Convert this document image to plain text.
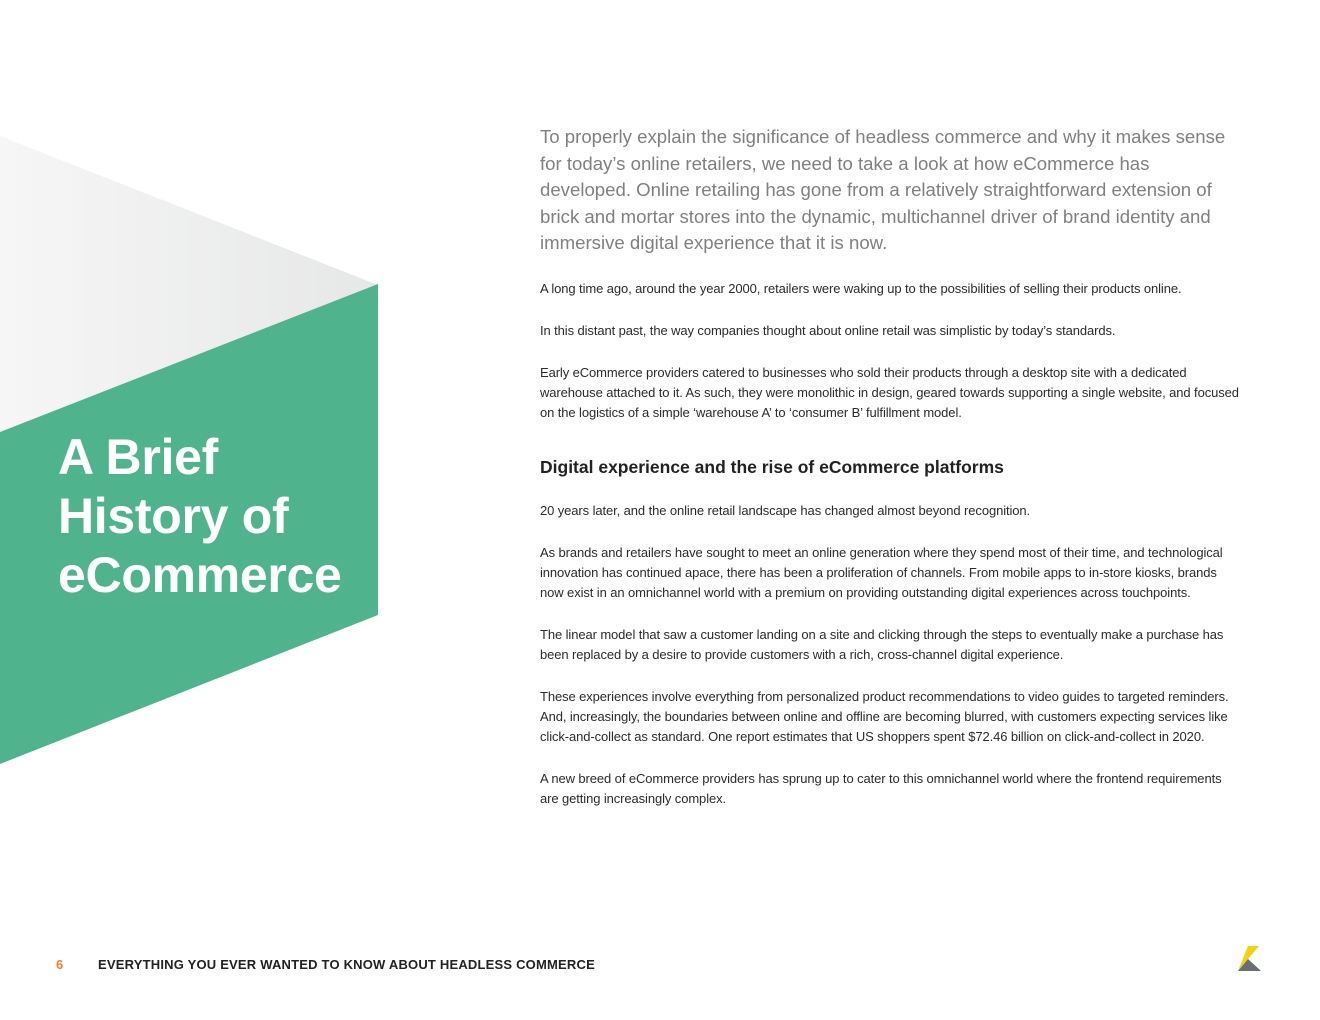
A Brief
History of
eCommerce

To properly explain the significance of headless commerce and why it makes sense for today’s online retailers, we need to take a look at how eCommerce has developed. Online retailing has gone from a relatively straightforward extension of brick and mortar stores into the dynamic, multichannel driver of brand identity and immersive digital experience that it is now.

A long time ago, around the year 2000, retailers were waking up to the possibilities of selling their products online.

In this distant past, the way companies thought about online retail was simplistic by today’s standards.

Early eCommerce providers catered to businesses who sold their products through a desktop site with a dedicated warehouse attached to it. As such, they were monolithic in design, geared towards supporting a single website, and focused on the logistics of a simple ‘warehouse A’ to ‘consumer B’ fulfillment model.

Digital experience and the rise of eCommerce platforms

20 years later, and the online retail landscape has changed almost beyond recognition.

As brands and retailers have sought to meet an online generation where they spend most of their time, and technological innovation has continued apace, there has been a proliferation of channels. From mobile apps to in-store kiosks, brands now exist in an omnichannel world with a premium on providing outstanding digital experiences across touchpoints.

The linear model that saw a customer landing on a site and clicking through the steps to eventually make a purchase has been replaced by a desire to provide customers with a rich, cross-channel digital experience.

These experiences involve everything from personalized product recommendations to video guides to targeted reminders. And, increasingly, the boundaries between online and offline are becoming blurred, with customers expecting services like click-and-collect as standard. One report estimates that US shoppers spent $72.46 billion on click-and-collect in 2020.

A new breed of eCommerce providers has sprung up to cater to this omnichannel world where the frontend requirements are getting increasingly complex.

6	EVERYTHING YOU EVER WANTED TO KNOW ABOUT HEADLESS COMMERCE
